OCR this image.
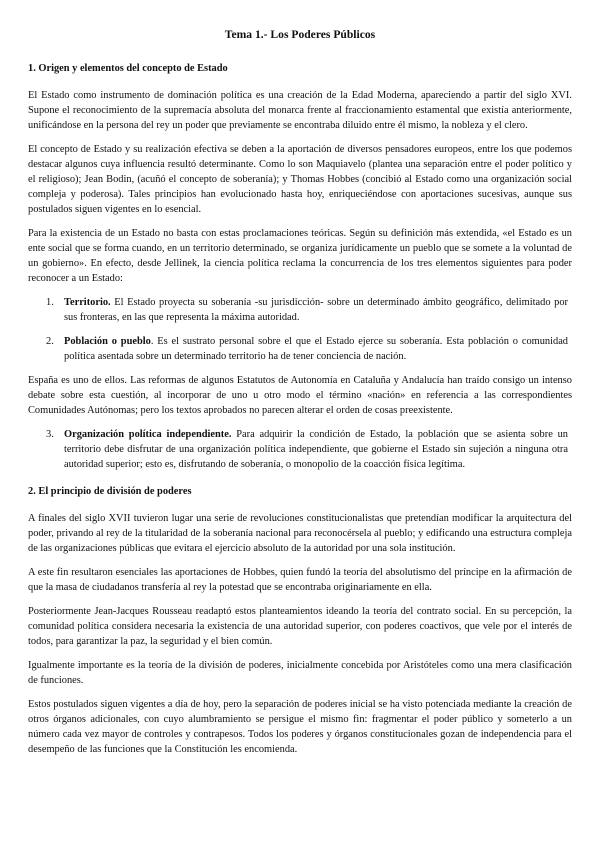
Tema 1.- Los Poderes Públicos
1. Origen y elementos del concepto de Estado

El Estado como instrumento de dominación política es una creación de la Edad Moderna, apareciendo a partir del siglo XVI. Supone el reconocimiento de la supremacía absoluta del monarca frente al fraccionamiento estamental que existía anteriormente, unificándose en la persona del rey un poder que previamente se encontraba diluido entre él mismo, la nobleza y el clero.

El concepto de Estado y su realización efectiva se deben a la aportación de diversos pensadores europeos, entre los que podemos destacar algunos cuya influencia resultó determinante. Como lo son Maquiavelo (plantea una separación entre el poder político y el religioso); Jean Bodin, (acuñó el concepto de soberanía); y Thomas Hobbes (concibió al Estado como una organización social compleja y poderosa). Tales principios han evolucionado hasta hoy, enriqueciéndose con aportaciones sucesivas, aunque sus postulados siguen vigentes en lo esencial.

Para la existencia de un Estado no basta con estas proclamaciones teóricas. Según su definición más extendida, «el Estado es un ente social que se forma cuando, en un territorio determinado, se organiza jurídicamente un pueblo que se somete a la voluntad de un gobierno». En efecto, desde Jellinek, la ciencia política reclama la concurrencia de los tres elementos siguientes para poder reconocer a un Estado:

1. Territorio. El Estado proyecta su soberanía -su jurisdicción- sobre un determinado ámbito geográfico, delimitado por sus fronteras, en las que representa la máxima autoridad.
2. Población o pueblo. Es el sustrato personal sobre el que el Estado ejerce su soberanía. Esta población o comunidad política asentada sobre un determinado territorio ha de tener conciencia de nación.

España es uno de ellos. Las reformas de algunos Estatutos de Autonomía en Cataluña y Andalucía han traído consigo un intenso debate sobre esta cuestión, al incorporar de uno u otro modo el término «nación» en referencia a las correspondientes Comunidades Autónomas; pero los textos aprobados no parecen alterar el orden de cosas preexistente.

3. Organización política independiente. Para adquirir la condición de Estado, la población que se asienta sobre un territorio debe disfrutar de una organización política independiente, que gobierne el Estado sin sujeción a ninguna otra autoridad superior; esto es, disfrutando de soberanía, o monopolio de la coacción física legítima.
2. El principio de división de poderes

A finales del siglo XVII tuvieron lugar una serie de revoluciones constitucionalistas que pretendían modificar la arquitectura del poder, privando al rey de la titularidad de la soberanía nacional para reconocérsela al pueblo; y edificando una estructura compleja de las organizaciones públicas que evitara el ejercicio absoluto de la autoridad por una sola institución.

A este fin resultaron esenciales las aportaciones de Hobbes, quien fundó la teoría del absolutismo del príncipe en la afirmación de que la masa de ciudadanos transfería al rey la potestad que se encontraba originariamente en ella.

Posteriormente Jean-Jacques Rousseau readaptó estos planteamientos ideando la teoría del contrato social. En su percepción, la comunidad política considera necesaria la existencia de una autoridad superior, con poderes coactivos, que vele por el interés de todos, para garantizar la paz, la seguridad y el bien común.

Igualmente importante es la teoría de la división de poderes, inicialmente concebida por Aristóteles como una mera clasificación de funciones.

Estos postulados siguen vigentes a día de hoy, pero la separación de poderes inicial se ha visto potenciada mediante la creación de otros órganos adicionales, con cuyo alumbramiento se persigue el mismo fin: fragmentar el poder público y someterlo a un número cada vez mayor de controles y contrapesos. Todos los poderes y órganos constitucionales gozan de independencia para el desempeño de las funciones que la Constitución les encomienda.
